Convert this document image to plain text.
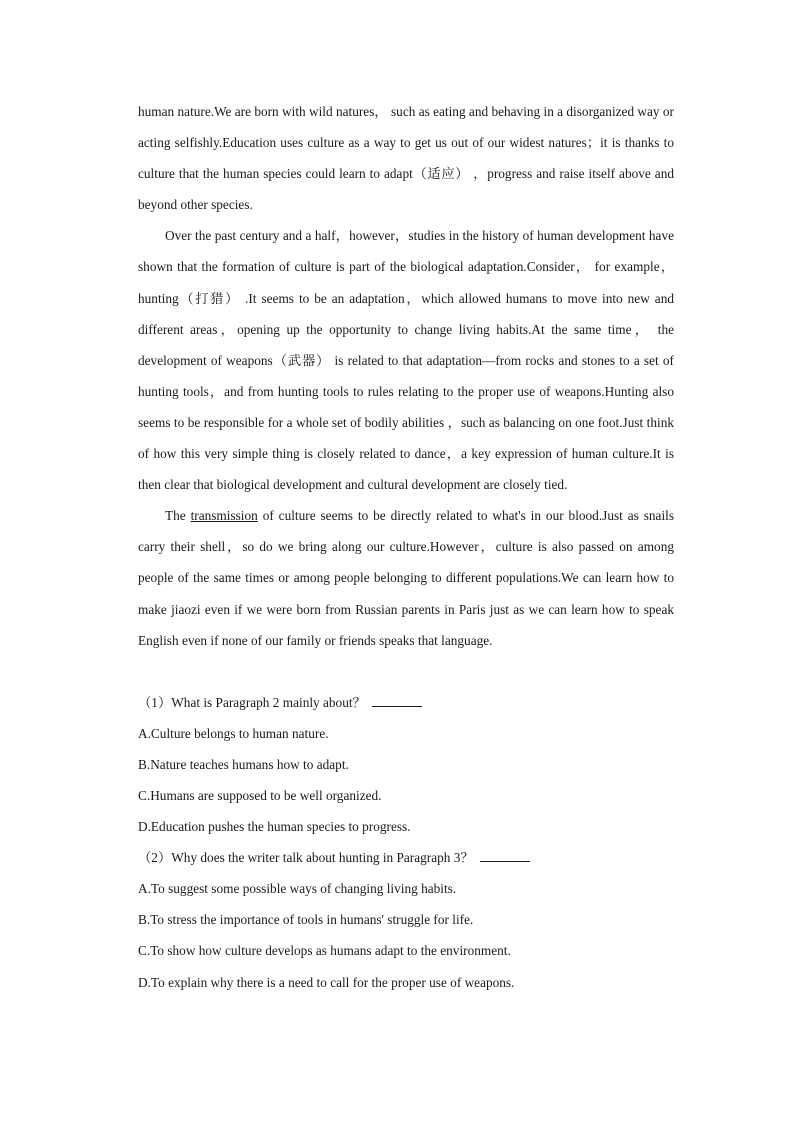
human nature.We are born with wild natures， such as eating and behaving in a disorganized way or acting selfishly.Education uses culture as a way to get us out of our widest natures；it is thanks to culture that the human species could learn to adapt（适应） ，progress and raise itself above and beyond other species.

Over the past century and a half，however，studies in the history of human development have shown that the formation of culture is part of the biological adaptation.Consider， for example，hunting（打猎） .It seems to be an adaptation，which allowed humans to move into new and different areas，opening up the opportunity to change living habits.At the same time， the development of weapons（武器） is related to that adaptation—from rocks and stones to a set of hunting tools，and from hunting tools to rules relating to the proper use of weapons.Hunting also seems to be responsible for a whole set of bodily abilities ，such as balancing on one foot.Just think of how this very simple thing is closely related to dance，a key expression of human culture.It is then clear that biological development and cultural development are closely tied.

The transmission of culture seems to be directly related to what's in our blood.Just as snails carry their shell，so do we bring along our culture.However，culture is also passed on among people of the same times or among people belonging to different populations.We can learn how to make jiaozi even if we were born from Russian parents in Paris just as we can learn how to speak English even if none of our family or friends speaks that language.

（1）What is Paragraph 2 mainly about？

A.Culture belongs to human nature.

B.Nature teaches humans how to adapt.

C.Humans are supposed to be well organized.

D.Education pushes the human species to progress.

（2）Why does the writer talk about hunting in Paragraph 3？

A.To suggest some possible ways of changing living habits.

B.To stress the importance of tools in humans' struggle for life.

C.To show how culture develops as humans adapt to the environment.

D.To explain why there is a need to call for the proper use of weapons.
